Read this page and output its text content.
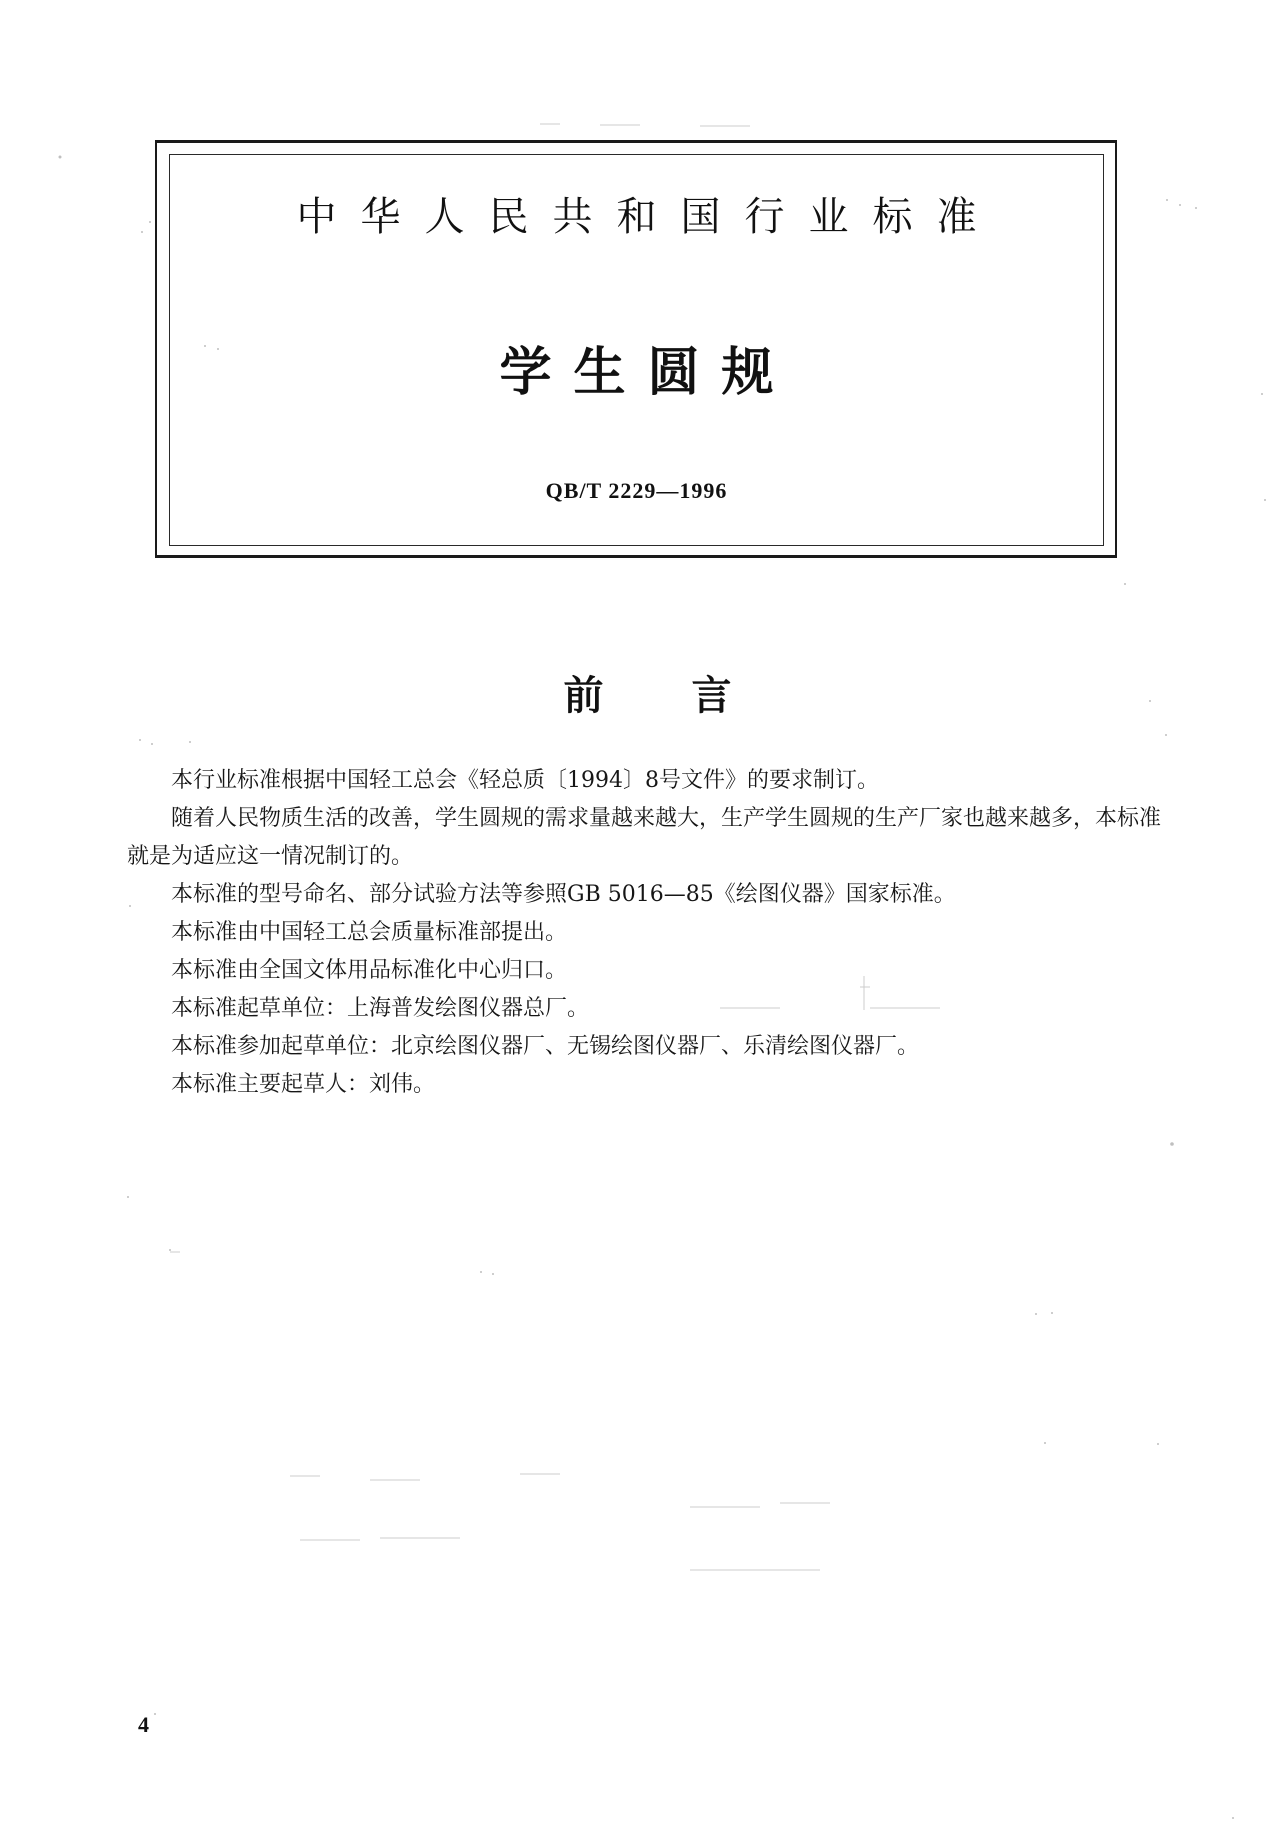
中华人民共和国行业标准
学生圆规
QB/T 2229—1996
前言

本行业标准根据中国轻工总会《轻总质〔1994〕8号文件》的要求制订。

随着人民物质生活的改善，学生圆规的需求量越来越大，生产学生圆规的生产厂家也越来越多，本标准就是为适应这一情况制订的。

本标准的型号命名、部分试验方法等参照GB 5016—85《绘图仪器》国家标准。

本标准由中国轻工总会质量标准部提出。

本标准由全国文体用品标准化中心归口。

本标准起草单位：上海普发绘图仪器总厂。

本标准参加起草单位：北京绘图仪器厂、无锡绘图仪器厂、乐清绘图仪器厂。

本标准主要起草人：刘伟。

4
